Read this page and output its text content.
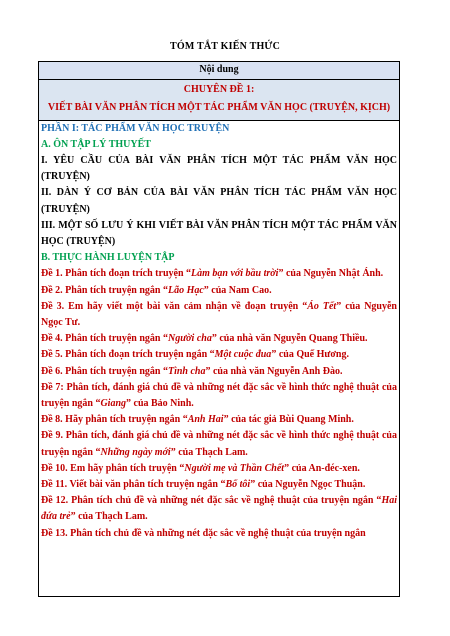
TÓM TẮT KIẾN THỨC
Nội dung
CHUYÊN ĐỀ 1:
VIẾT BÀI VĂN PHÂN TÍCH MỘT TÁC PHẨM VĂN HỌC (TRUYỆN, KỊCH)
PHẦN I: TÁC PHẨM VĂN HỌC TRUYỆN
A. ÔN TẬP LÝ THUYẾT
I. YÊU CẦU CỦA BÀI VĂN PHÂN TÍCH MỘT TÁC PHẨM VĂN HỌC (TRUYỆN)
II. DÀN Ý CƠ BẢN CỦA BÀI VĂN PHÂN TÍCH TÁC PHẨM VĂN HỌC (TRUYỆN)
III. MỘT SỐ LƯU Ý KHI VIẾT BÀI VĂN PHÂN TÍCH MỘT TÁC PHẨM VĂN HỌC (TRUYỆN)
B. THỰC HÀNH LUYỆN TẬP
Đề 1. Phân tích đoạn trích truyện “Làm bạn với bầu trời” của Nguyễn Nhật Ánh.
Đề 2. Phân tích truyện ngắn “Lão Hạc” của Nam Cao.
Đề 3. Em hãy viết một bài văn cảm nhận về đoạn truyện “Áo Tết” của Nguyễn Ngọc Tư.
Đề 4. Phân tích truyện ngắn “Người cha” của nhà văn Nguyễn Quang Thiều.
Đề 5. Phân tích đoạn trích truyện ngắn “Một cuộc đua” của Quế Hương.
Đề 6. Phân tích truyện ngắn “Tình cha” của nhà văn Nguyễn Anh Đào.
Đề 7: Phân tích, đánh giá chủ đề và những nét đặc sắc về hình thức nghệ thuật của truyện ngắn “Giang” của Bảo Ninh.
Đề 8. Hãy phân tích truyện ngắn “Anh Hai” của tác giả Bùi Quang Minh.
Đề 9. Phân tích, đánh giá chủ đề và những nét đặc sắc về hình thức nghệ thuật của truyện ngắn “Những ngày mới” của Thạch Lam.
Đề 10. Em hãy phân tích truyện “Người mẹ và Thần Chết” của An-đéc-xen.
Đề 11. Viết bài văn phân tích truyện ngắn “Bố tôi” của Nguyễn Ngọc Thuận.
Đề 12. Phân tích chủ đề và những nét đặc sắc về nghệ thuật của truyện ngắn “Hai đứa trẻ” của Thạch Lam.
Đề 13. Phân tích chủ đề và những nét đặc sắc về nghệ thuật của truyện ngắn
